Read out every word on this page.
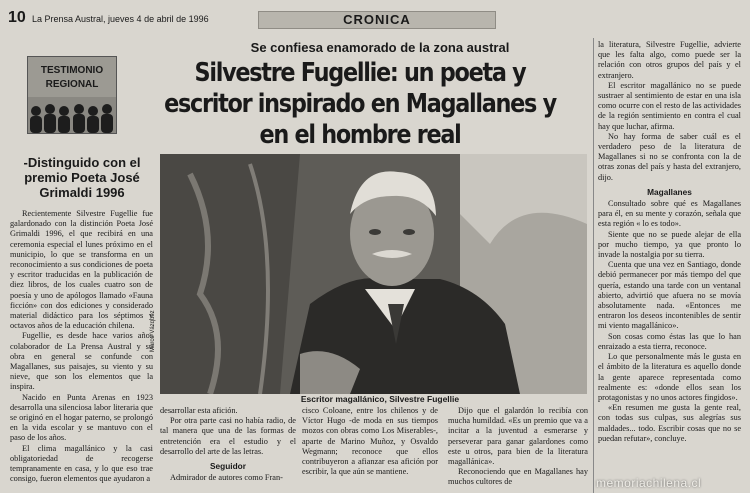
10 La Prensa Austral, jueves 4 de abril de 1996	CRONICA
Se confiesa enamorado de la zona austral
TESTIMONIO
REGIONAL	Silvestre Fugellie: un poeta y escritor inspirado en Magallanes y en el hombre real
-Distinguido con el premio Poeta José Grimaldi 1996

Recientemente Silvestre Fugellie fue galardonado con la distinción Poeta José Grimaldi 1996, el que recibirá en una ceremonia especial el lunes próximo en el municipio, lo que se transforma en un reconocimiento a sus condiciones de poeta y escritor traducidas en la publicación de diez libros, de los cuales cuatro son de poesía y uno de apólogos llamado «Fauna ficción» con dos ediciones y considerado material didáctico para los séptimos y octavos años de la educación chilena.

Fugellie, es desde hace varios años colaborador de La Prensa Austral y su obra en general se confunde con Magallanes, sus paisajes, su viento y su nieve, que son los elementos que la inspira.

Nacido en Punta Arenas en 1923 desarrolla una silenciosa labor literaria que se originó en el hogar paterno, se prolongó en la vida escolar y se mantuvo con el paso de los años.

El clima magallánico y la casi obligatoriedad de recogerse tempranamente en casa, y lo que eso trae consigo, fueron elementos que ayudaron a

Marco Vázquez
Escritor magallánico, Silvestre Fugellie

desarrollar esta afición.

Por otra parte casi no había radio, de tal manera que una de las formas de entretención era el estudio y el desarrollo del arte de las letras.

Seguidor

Admirador de autores como Fran-

cisco Coloane, entre los chilenos y de Víctor Hugo -de moda en sus tiempos mozos con obras como Los Miserables-, aparte de Marino Muñoz, y Osvaldo Wegmann; reconoce que ellos contribuyeron a afianzar esa afición por escribir, la que aún se mantiene.

Dijo que el galardón lo recibía con mucha humildad. «Es un premio que va a incitar a la juventud a esmerarse y perseverar para ganar galardones como este u otros, para bien de la literatura magallánica».

Reconociendo que en Magallanes hay muchos cultores de

la literatura, Silvestre Fugellie, advierte que les falta algo, como puede ser la relación con otros grupos del país y el extranjero.

El escritor magallánico no se puede sustraer al sentimiento de estar en una isla como ocurre con el resto de las actividades de la región sentimiento en contra el cual hay que luchar, afirma.

No hay forma de saber cuál es el verdadero peso de la literatura de Magallanes si no se confronta con la de otras zonas del país y hasta del extranjero, dijo.

Magallanes

Consultado sobre qué es Magallanes para él, en su mente y corazón, señala que esta región « lo es todo».

Siente que no se puede alejar de ella por mucho tiempo, ya que pronto lo invade la nostalgia por su tierra.

Cuenta que una vez en Santiago, donde debió permanecer por más tiempo del que quería, estando una tarde con un ventanal abierto, advirtió que afuera no se movía absolutamente nada. «Entonces me entraron los deseos incontenibles de sentir mi viento magallánico».

Son cosas como éstas las que lo han enraizado a esta tierra, reconoce.

Lo que personalmente más le gusta en el ámbito de la literatura es aquello donde la gente aparece representada como realmente es: «donde ellos sean los protagonistas y no unos actores fingidos».

«En resumen me gusta la gente real, con todas sus culpas, sus alegrías sus maldades... todo. Escribir cosas que no se puedan refutar», concluye.

memoriachilena.cl
